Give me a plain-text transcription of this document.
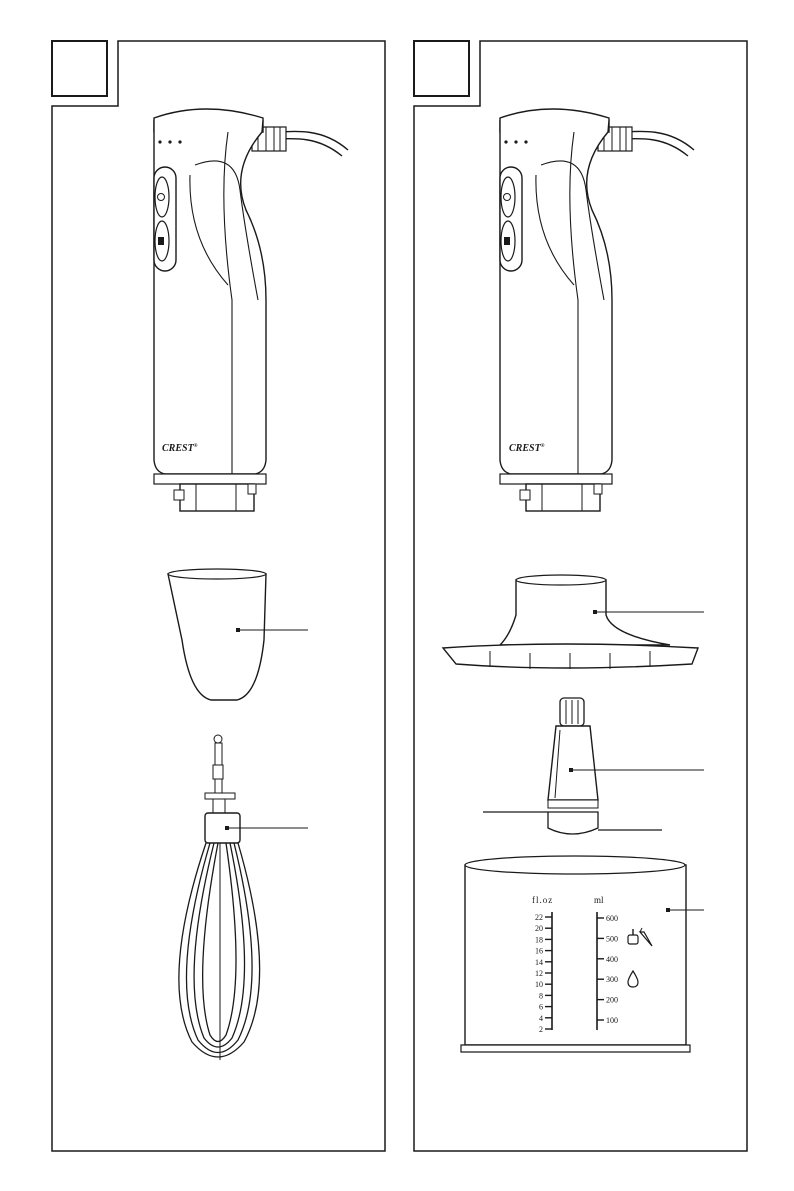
CREST®	CREST®
fl.oz	ml
22
20
18
16
14
12
10
8
6
4
2
600
500
400
300
200
100
